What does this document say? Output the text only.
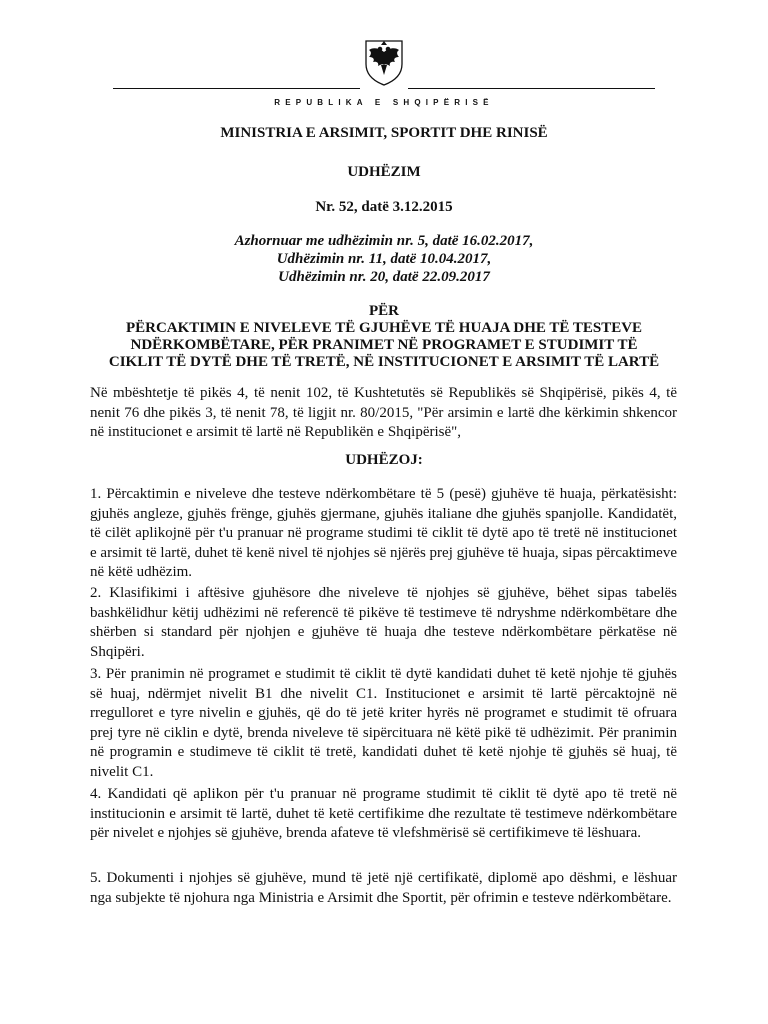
REPUBLIKA E SHQIPËRISË

MINISTRIA E ARSIMIT, SPORTIT DHE RINISË

UDHËZIM

Nr. 52, datë 3.12.2015

Azhornuar me udhëzimin nr. 5, datë 16.02.2017,

Udhëzimin nr. 11, datë 10.04.2017,

Udhëzimin nr. 20, datë 22.09.2017

PËR

PËRCAKTIMIN E NIVELEVE TË GJUHËVE TË HUAJA DHE TË TESTEVE

NDËRKOMBËTARE, PËR PRANIMET NË PROGRAMET E STUDIMIT TË

CIKLIT TË DYTË DHE TË TRETË, NË INSTITUCIONET E ARSIMIT TË LARTË

Në mbështetje të pikës 4, të nenit 102, të Kushtetutës së Republikës së Shqipërisë, pikës 4, të nenit 76 dhe pikës 3, të nenit 78, të ligjit nr. 80/2015, "Për arsimin e lartë dhe kërkimin shkencor në institucionet e arsimit të lartë në Republikën e Shqipërisë",

UDHËZOJ:

1. Përcaktimin e niveleve dhe testeve ndërkombëtare të 5 (pesë) gjuhëve të huaja, përkatësisht: gjuhës angleze, gjuhës frënge, gjuhës gjermane, gjuhës italiane dhe gjuhës spanjolle. Kandidatët, të cilët aplikojnë për t'u pranuar në programe studimi të ciklit të dytë apo të tretë në institucionet e arsimit të lartë, duhet të kenë nivel të njohjes së njërës prej gjuhëve të huaja, sipas përcaktimeve në këtë udhëzim.

2. Klasifikimi i aftësive gjuhësore dhe niveleve të njohjes së gjuhëve, bëhet sipas tabelës bashkëlidhur këtij udhëzimi në referencë të pikëve të testimeve të ndryshme ndërkombëtare dhe shërben si standard për njohjen e gjuhëve të huaja dhe testeve ndërkombëtare përkatëse në Shqipëri.

3. Për pranimin në programet e studimit të ciklit të dytë kandidati duhet të ketë njohje të gjuhës së huaj, ndërmjet nivelit B1 dhe nivelit C1. Institucionet e arsimit të lartë përcaktojnë në rregulloret e tyre nivelin e gjuhës, që do të jetë kriter hyrës në programet e studimit të ofruara prej tyre në ciklin e dytë, brenda niveleve të sipërcituara në këtë pikë të udhëzimit. Për pranimin në programin e studimeve të ciklit të tretë, kandidati duhet të ketë njohje të gjuhës së huaj, të nivelit C1.

4. Kandidati që aplikon për t'u pranuar në programe studimit të ciklit të dytë apo të tretë në institucionin e arsimit të lartë, duhet të ketë certifikime dhe rezultate të testimeve ndërkombëtare për nivelet e njohjes së gjuhëve, brenda afateve të vlefshmërisë së certifikimeve të lëshuara.

5. Dokumenti i njohjes së gjuhëve, mund të jetë një certifikatë, diplomë apo dëshmi, e lëshuar nga subjekte të njohura nga Ministria e Arsimit dhe Sportit, për ofrimin e testeve ndërkombëtare.
